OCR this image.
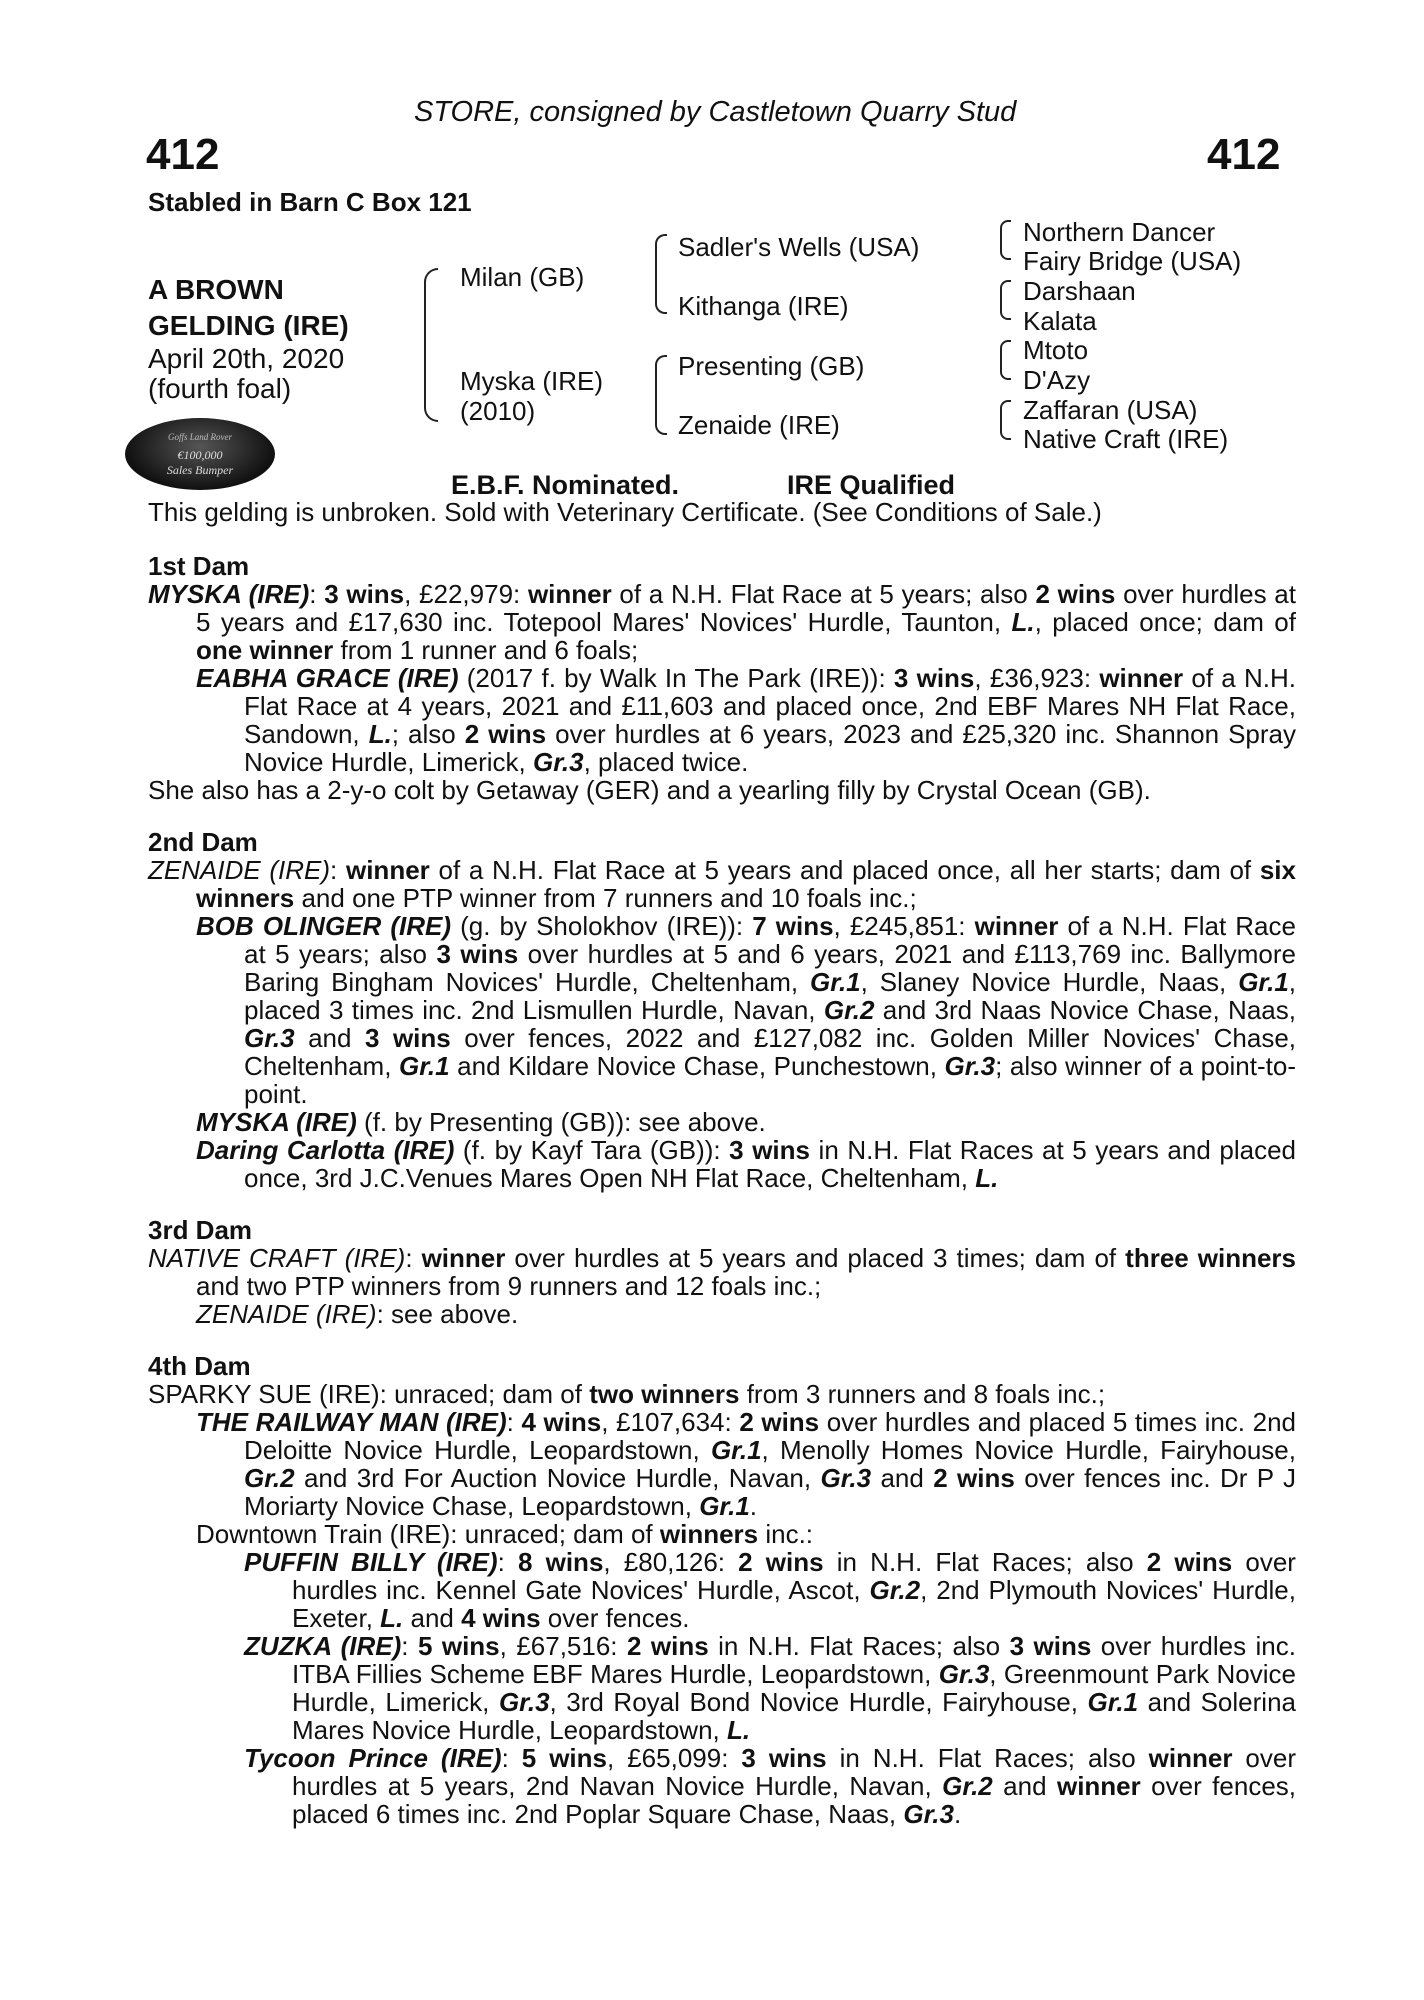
STORE, consigned by Castletown Quarry Stud
412	412
Stabled in Barn C Box 121
A BROWN
GELDING (IRE)
April 20th, 2020
(fourth foal)
Milan (GB)
Myska (IRE)
(2010)
Sadler's Wells (USA)
Kithanga (IRE)
Presenting (GB)
Zenaide (IRE)
Northern Dancer
Fairy Bridge (USA)
Darshaan
Kalata
Mtoto
D'Azy
Zaffaran (USA)
Native Craft (IRE)
Goffs Land Rover
€100,000
Sales Bumper	E.B.F. Nominated.	IRE Qualified
This gelding is unbroken. Sold with Veterinary Certificate. (See Conditions of Sale.)
1st Dam
MYSKA (IRE): 3 wins, £22,979: winner of a N.H. Flat Race at 5 years; also 2 wins over hurdles at 5 years and £17,630 inc. Totepool Mares' Novices' Hurdle, Taunton, L., placed once; dam of one winner from 1 runner and 6 foals;
EABHA GRACE (IRE) (2017 f. by Walk In The Park (IRE)): 3 wins, £36,923: winner of a N.H. Flat Race at 4 years, 2021 and £11,603 and placed once, 2nd EBF Mares NH Flat Race, Sandown, L.; also 2 wins over hurdles at 6 years, 2023 and £25,320 inc. Shannon Spray Novice Hurdle, Limerick, Gr.3, placed twice.
She also has a 2-y-o colt by Getaway (GER) and a yearling filly by Crystal Ocean (GB).
2nd Dam
ZENAIDE (IRE): winner of a N.H. Flat Race at 5 years and placed once, all her starts; dam of six winners and one PTP winner from 7 runners and 10 foals inc.;
BOB OLINGER (IRE) (g. by Sholokhov (IRE)): 7 wins, £245,851: winner of a N.H. Flat Race at 5 years; also 3 wins over hurdles at 5 and 6 years, 2021 and £113,769 inc. Ballymore Baring Bingham Novices' Hurdle, Cheltenham, Gr.1, Slaney Novice Hurdle, Naas, Gr.1, placed 3 times inc. 2nd Lismullen Hurdle, Navan, Gr.2 and 3rd Naas Novice Chase, Naas, Gr.3 and 3 wins over fences, 2022 and £127,082 inc. Golden Miller Novices' Chase, Cheltenham, Gr.1 and Kildare Novice Chase, Punchestown, Gr.3; also winner of a point-to-point.
MYSKA (IRE) (f. by Presenting (GB)): see above.
Daring Carlotta (IRE) (f. by Kayf Tara (GB)): 3 wins in N.H. Flat Races at 5 years and placed once, 3rd J.C.Venues Mares Open NH Flat Race, Cheltenham, L.
3rd Dam
NATIVE CRAFT (IRE): winner over hurdles at 5 years and placed 3 times; dam of three winners and two PTP winners from 9 runners and 12 foals inc.;
ZENAIDE (IRE): see above.
4th Dam
SPARKY SUE (IRE): unraced; dam of two winners from 3 runners and 8 foals inc.;
THE RAILWAY MAN (IRE): 4 wins, £107,634: 2 wins over hurdles and placed 5 times inc. 2nd Deloitte Novice Hurdle, Leopardstown, Gr.1, Menolly Homes Novice Hurdle, Fairyhouse, Gr.2 and 3rd For Auction Novice Hurdle, Navan, Gr.3 and 2 wins over fences inc. Dr P J Moriarty Novice Chase, Leopardstown, Gr.1.
Downtown Train (IRE): unraced; dam of winners inc.:
PUFFIN BILLY (IRE): 8 wins, £80,126: 2 wins in N.H. Flat Races; also 2 wins over hurdles inc. Kennel Gate Novices' Hurdle, Ascot, Gr.2, 2nd Plymouth Novices' Hurdle, Exeter, L. and 4 wins over fences.
ZUZKA (IRE): 5 wins, £67,516: 2 wins in N.H. Flat Races; also 3 wins over hurdles inc. ITBA Fillies Scheme EBF Mares Hurdle, Leopardstown, Gr.3, Greenmount Park Novice Hurdle, Limerick, Gr.3, 3rd Royal Bond Novice Hurdle, Fairyhouse, Gr.1 and Solerina Mares Novice Hurdle, Leopardstown, L.
Tycoon Prince (IRE): 5 wins, £65,099: 3 wins in N.H. Flat Races; also winner over hurdles at 5 years, 2nd Navan Novice Hurdle, Navan, Gr.2 and winner over fences, placed 6 times inc. 2nd Poplar Square Chase, Naas, Gr.3.
